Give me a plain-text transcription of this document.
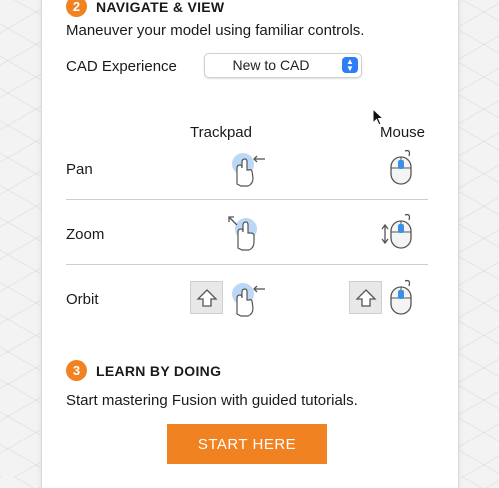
2	NAVIGATE & VIEW
Maneuver your model using familiar controls.
CAD Experience	New to CAD	▲
▼
Trackpad	Mouse
Pan
Zoom
Orbit
3	LEARN BY DOING
Start mastering Fusion with guided tutorials.
START HERE
